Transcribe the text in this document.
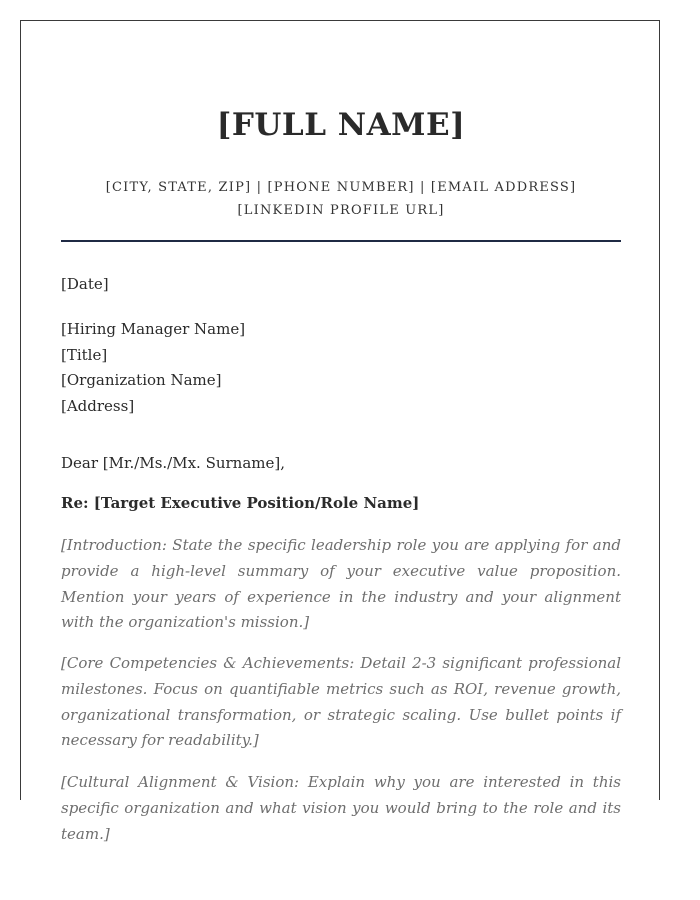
[FULL NAME]
[CITY, STATE, ZIP] | [PHONE NUMBER] | [EMAIL ADDRESS]
[LINKEDIN PROFILE URL]
[Date]
[Hiring Manager Name]
[Title]
[Organization Name]
[Address]
Dear [Mr./Ms./Mx. Surname],
Re: [Target Executive Position/Role Name]

[Introduction: State the specific leadership role you are applying for and provide a high-level summary of your executive value proposition. Mention your years of experience in the industry and your alignment with the organization's mission.]

[Core Competencies & Achievements: Detail 2-3 significant professional milestones. Focus on quantifiable metrics such as ROI, revenue growth, organizational transformation, or strategic scaling. Use bullet points if necessary for readability.]

[Cultural Alignment & Vision: Explain why you are interested in this specific organization and what vision you would bring to the role and its team.]
